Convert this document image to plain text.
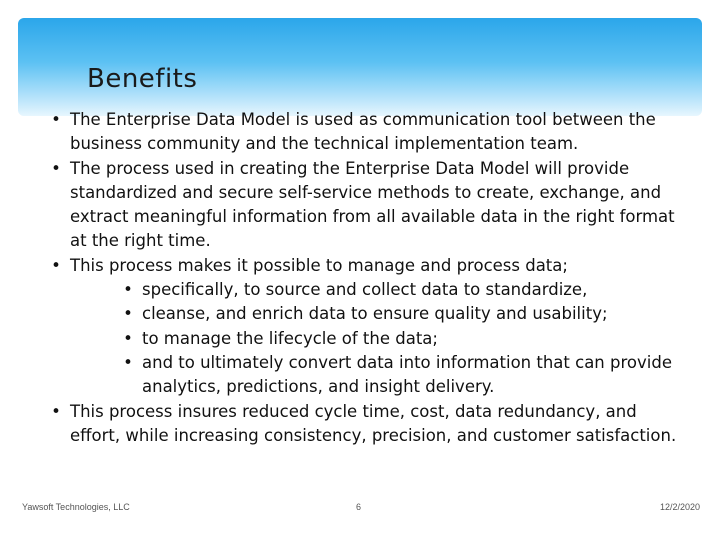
Benefits
• The Enterprise Data Model is used as communication tool between the business community and the technical implementation team.
• The process used in creating the Enterprise Data Model will provide standardized and secure self-service methods to create, exchange, and extract meaningful information from all available data in the right format at the right time.
• This process makes it possible to manage and process data;
• specifically, to source and collect data to standardize,
• cleanse, and enrich data to ensure quality and usability;
• to manage the lifecycle of the data;
• and to ultimately convert data into information that can provide analytics, predictions, and insight delivery.
• This process insures reduced cycle time, cost, data redundancy, and effort, while increasing consistency, precision, and customer satisfaction.
Yawsoft Technologies, LLC	6	12/2/2020
